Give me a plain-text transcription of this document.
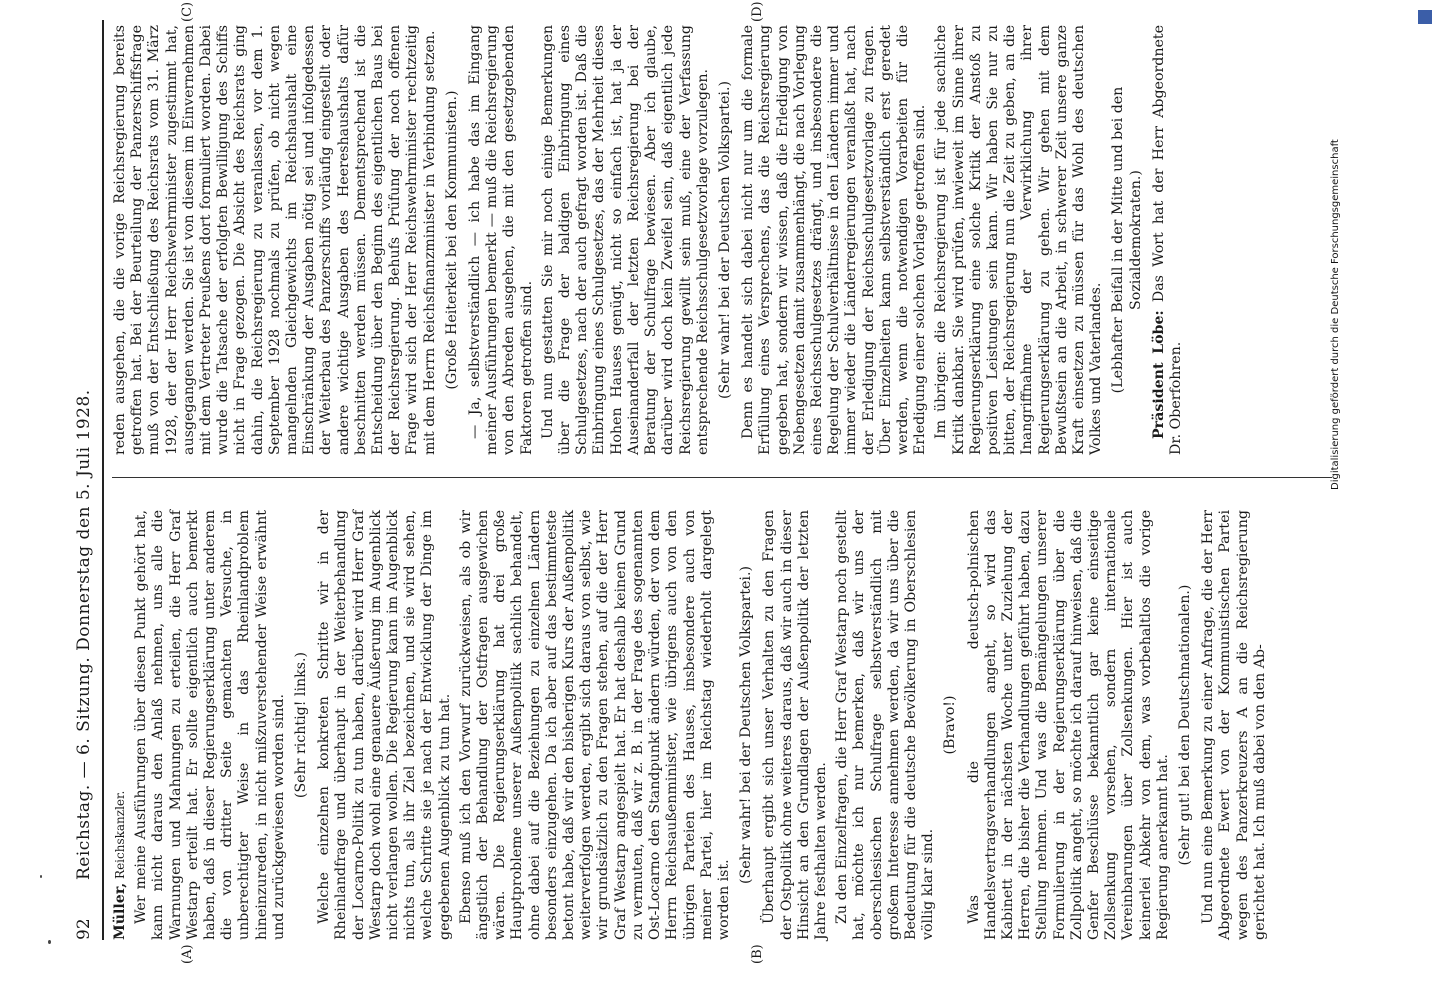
92
Reichstag. — 6. Sitzung. Donnerstag den 5. Juli 1928.

Müller, Reichskanzler. Wer meine Ausführungen über diesen Punkt gehört hat, kann nicht daraus den Anlaß nehmen, uns alle die Warnungen und Mahnungen zu erteilen, die Herr Graf Westarp erteilt hat. Er sollte eigentlich auch bemerkt haben, daß in dieser Regierungserklärung unter anderem die von dritter Seite gemachten Versuche, in unberechtigter Weise in das Rheinlandproblem hineinzureden, in nicht mißzuverstehender Weise erwähnt und zurückgewiesen worden sind. (Sehr richtig! links.) Welche einzelnen konkreten Schritte wir in der Rheinlandfrage und überhaupt in der Weiterbehandlung der Locarno-Politik zu tun haben, darüber wird Herr Graf Westarp doch wohl eine genauere Äußerung im Augenblick nicht verlangen wollen. Die Regierung kann im Augenblick nichts tun, als ihr Ziel bezeichnen, und sie wird sehen, welche Schritte sie je nach der Entwicklung der Dinge im gegebenen Augenblick zu tun hat. Ebenso muß ich den Vorwurf zurückweisen, als ob wir ängstlich der Behandlung der Ostfragen ausgewichen wären. Die Regierungserklärung hat drei große Hauptprobleme unserer Außenpolitik sachlich behandelt, ohne dabei auf die Beziehungen zu einzelnen Ländern besonders einzugehen. Da ich aber auf das bestimmteste betont habe, daß wir den bisherigen Kurs der Außenpolitik weiterverfolgen werden, ergibt sich daraus von selbst, wie wir grundsätzlich zu den Fragen stehen, auf die der Herr Graf Westarp angespielt hat. Er hat deshalb keinen Grund zu vermuten, daß wir z. B. in der Frage des sogenannten Ost-Locarno den Standpunkt ändern würden, der von dem Herrn Reichsaußenminister, wie übrigens auch von den übrigen Parteien des Hauses, insbesondere auch von meiner Partei, hier im Reichstag wiederholt dargelegt worden ist.

(Sehr wahr! bei der Deutschen Volkspartei.) Überhaupt ergibt sich unser Verhalten zu den Fragen der Ostpolitik ohne weiteres daraus, daß wir auch in dieser Hinsicht an den Grundlagen der Außenpolitik der letzten Jahre festhalten werden. Zu den Einzelfragen, die Herr Graf Westarp noch gestellt hat, möchte ich nur bemerken, daß wir uns der oberschlesischen Schulfrage selbstverständlich mit großem Interesse annehmen werden, da wir uns über die Bedeutung für die deutsche Bevölkerung in Oberschlesien völlig klar sind.

(Bravo!) Was die deutsch-polnischen Handelsvertragsverhandlungen angeht, so wird das Kabinett in der nächsten Woche unter Zuziehung der Herren, die bisher die Verhandlungen geführt haben, dazu Stellung nehmen. Und was die Bemängelungen unserer Formulierung in der Regierungserklärung über die Zollpolitik angeht, so möchte ich darauf hinweisen, daß die Genfer Beschlüsse bekanntlich gar keine einseitige Zollsenkung vorsehen, sondern internationale Vereinbarungen über Zollsenkungen. Hier ist auch keinerlei Abkehr von dem, was vorbehaltlos die vorige Regierung anerkannt hat. (Sehr gut! bei den Deutschnationalen.) Und nun eine Bemerkung zu einer Anfrage, die der Herr Abgeordnete Ewert von der Kommunistischen Partei wegen des Panzerkreuzers A an die Reichsregierung gerichtet hat. Ich muß dabei von den Ab-

reden ausgehen, die die vorige Reichsregierung bereits getroffen hat. Bei der Beurteilung der Panzerschiffsfrage muß von der Entschließung des Reichsrats vom 31. März 1928, der der Herr Reichswehrminister zugestimmt hat, ausgegangen werden. Sie ist von diesem im Einvernehmen mit dem Vertreter Preußens dort formuliert worden. Dabei wurde die Tatsache der erfolgten Bewilligung des Schiffs nicht in Frage gezogen. Die Absicht des Reichsrats ging dahin, die Reichsregierung zu veranlassen, vor dem 1. September 1928 nochmals zu prüfen, ob nicht wegen mangelnden Gleichgewichts im Reichshaushalt eine Einschränkung der Ausgaben nötig sei und infolgedessen der Weiterbau des Panzerschiffs vorläufig eingestellt oder andere wichtige Ausgaben des Heereshaushalts dafür beschnitten werden müssen. Dementsprechend ist die Entscheidung über den Beginn des eigentlichen Baus bei der Reichsregierung. Behufs Prüfung der noch offenen Frage wird sich der Herr Reichswehrminister rechtzeitig mit dem Herrn Reichsfinanzminister in Verbindung setzen. (Große Heiterkeit bei den Kommunisten.) — Ja, selbstverständlich — ich habe das im Eingang meiner Ausführungen bemerkt — muß die Reichsregierung von den Abreden ausgehen, die mit den gesetzgebenden Faktoren getroffen sind. Und nun gestatten Sie mir noch einige Bemerkungen über die Frage der baldigen Einbringung eines Schulgesetzes, nach der auch gefragt worden ist. Daß die Einbringung eines Schulgesetzes, das der Mehrheit dieses Hohen Hauses genügt, nicht so einfach ist, hat ja der Auseinanderfall der letzten Reichsregierung bei der Beratung der Schulfrage bewiesen. Aber ich glaube, darüber wird doch kein Zweifel sein, daß eigentlich jede Reichsregierung gewillt sein muß, eine der Verfassung entsprechende Reichsschulgesetzvorlage vorzulegen. (Sehr wahr! bei der Deutschen Volkspartei.) Denn es handelt sich dabei nicht nur um die formale Erfüllung eines Versprechens, das die Reichsregierung gegeben hat, sondern wir wissen, daß die Erledigung von Nebengesetzen damit zusammenhängt, die nach Vorlegung eines Reichsschulgesetzes drängt, und insbesondere die Regelung der Schulverhältnisse in den Ländern immer und immer wieder die Länderregierungen veranlaßt hat, nach der Erledigung der Reichsschulgesetzvorlage zu fragen. Über Einzelheiten kann selbstverständlich erst geredet werden, wenn die notwendigen Vorarbeiten für die Erledigung einer solchen Vorlage getroffen sind. Im übrigen: die Reichsregierung ist für jede sachliche Kritik dankbar. Sie wird prüfen, inwieweit im Sinne ihrer Regierungserklärung eine solche Kritik der Anstoß zu positiven Leistungen sein kann. Wir haben Sie nur zu bitten, der Reichsregierung nun die Zeit zu geben, an die Inangriffnahme der Verwirklichung ihrer Regierungserklärung zu gehen. Wir gehen mit dem Bewußtsein an die Arbeit, in schwerer Zeit unsere ganze Kraft einsetzen zu müssen für das Wohl des deutschen Volkes und Vaterlandes. (Lebhafter Beifall in der Mitte und bei den Sozialdemokraten.)

Präsident Löbe: Das Wort hat der Herr Abgeordnete Dr. Oberfohren.

(A)	(B)
(C)	(D)
Digitalisierung gefördert durch die Deutsche Forschungsgemeinschaft
